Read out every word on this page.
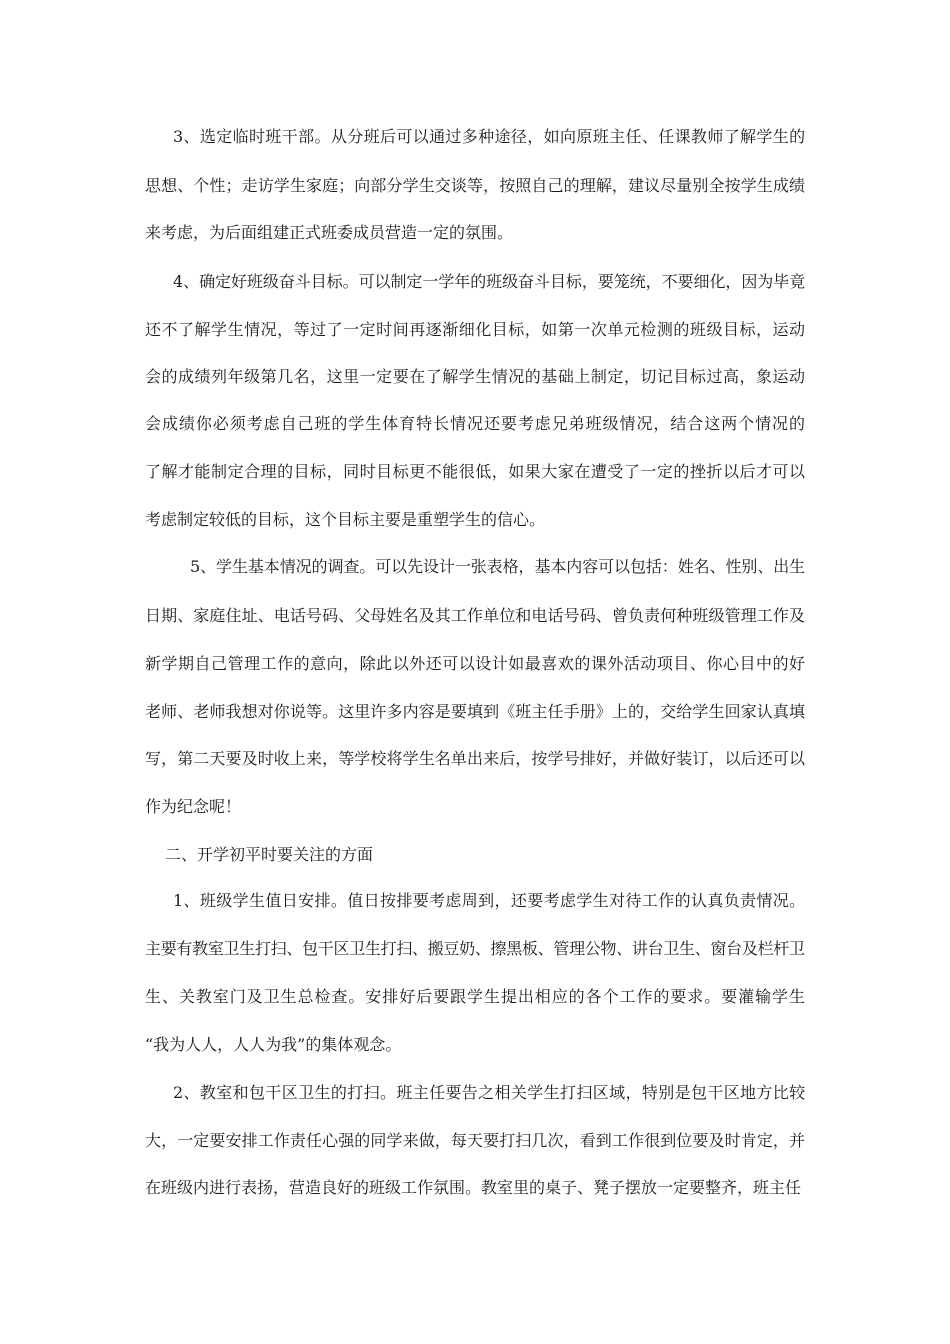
3、选定临时班干部。从分班后可以通过多种途径，如向原班主任、任课教师了解学生的
思想、个性；走访学生家庭；向部分学生交谈等，按照自己的理解，建议尽量别全按学生成绩
来考虑，为后面组建正式班委成员营造一定的氛围。
4、确定好班级奋斗目标。可以制定一学年的班级奋斗目标，要笼统，不要细化，因为毕竟
还不了解学生情况，等过了一定时间再逐渐细化目标，如第一次单元检测的班级目标，运动
会的成绩列年级第几名，这里一定要在了解学生情况的基础上制定，切记目标过高，象运动
会成绩你必须考虑自己班的学生体育特长情况还要考虑兄弟班级情况，结合这两个情况的
了解才能制定合理的目标，同时目标更不能很低，如果大家在遭受了一定的挫折以后才可以
考虑制定较低的目标，这个目标主要是重塑学生的信心。
5、学生基本情况的调查。可以先设计一张表格，基本内容可以包括：姓名、性别、出生
日期、家庭住址、电话号码、父母姓名及其工作单位和电话号码、曾负责何种班级管理工作及
新学期自己管理工作的意向，除此以外还可以设计如最喜欢的课外活动项目、你心目中的好
老师、老师我想对你说等。这里许多内容是要填到《班主任手册》上的，交给学生回家认真填
写，第二天要及时收上来，等学校将学生名单出来后，按学号排好，并做好装订，以后还可以
作为纪念呢！
二、开学初平时要关注的方面
1、班级学生值日安排。值日按排要考虑周到，还要考虑学生对待工作的认真负责情况。
主要有教室卫生打扫、包干区卫生打扫、搬豆奶、擦黑板、管理公物、讲台卫生、窗台及栏杆卫
生、关教室门及卫生总检查。安排好后要跟学生提出相应的各个工作的要求。要灌输学生
“我为人人，人人为我”的集体观念。
2、教室和包干区卫生的打扫。班主任要告之相关学生打扫区域，特别是包干区地方比较
大，一定要安排工作责任心强的同学来做，每天要打扫几次，看到工作很到位要及时肯定，并
在班级内进行表扬，营造良好的班级工作氛围。教室里的桌子、凳子摆放一定要整齐，班主任
